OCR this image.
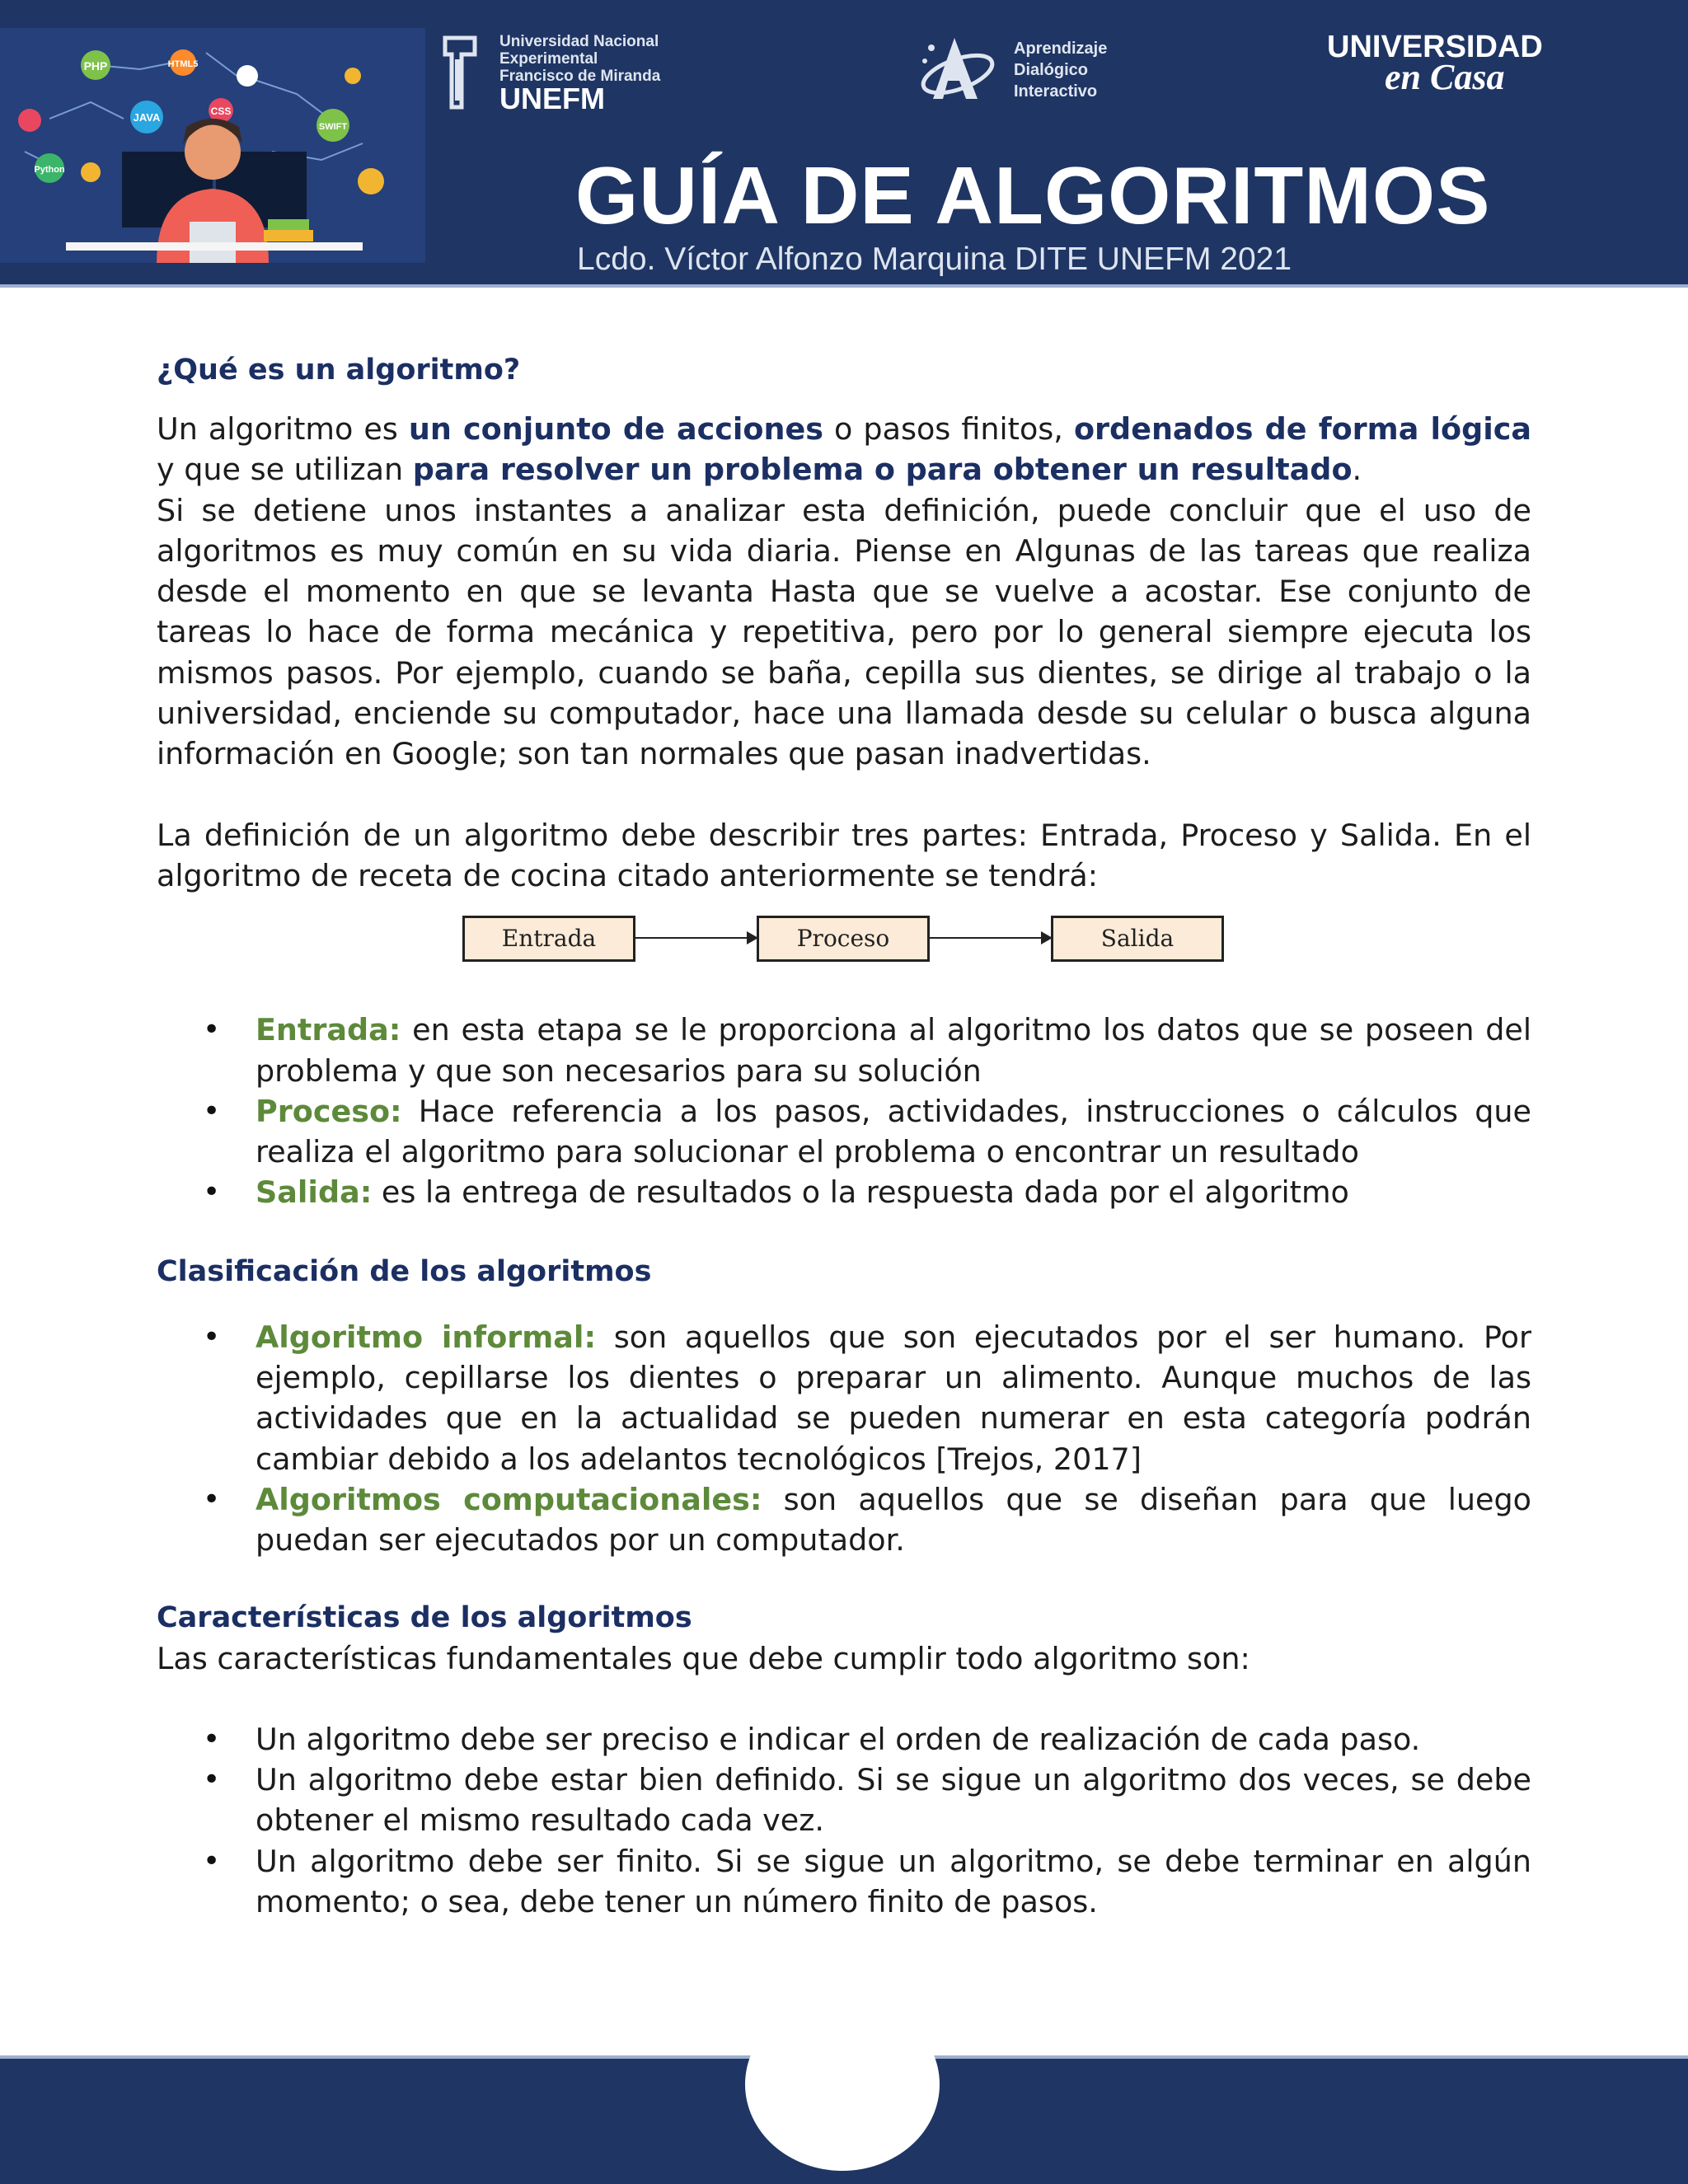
PHP	HTML5
JAVA	CSS
Python
SWIFT
Universidad Nacional
Experimental
Francisco de Miranda
UNEFM
Aprendizaje
Dialógico
Interactivo
UNIVERSIDAD
en Casa
GUÍA DE ALGORITMOS
Lcdo. Víctor Alfonzo Marquina DITE UNEFM 2021
¿Qué es un algoritmo?

Un algoritmo es un conjunto de acciones o pasos finitos, ordenados de forma lógica y que se utilizan para resolver un problema o para obtener un resultado.

Si se detiene unos instantes a analizar esta definición, puede concluir que el uso de algoritmos es muy común en su vida diaria. Piense en Algunas de las tareas que realiza desde el momento en que se levanta Hasta que se vuelve a acostar. Ese conjunto de tareas lo hace de forma mecánica y repetitiva, pero por lo general siempre ejecuta los mismos pasos. Por ejemplo, cuando se baña, cepilla sus dientes, se dirige al trabajo o la universidad, enciende su computador, hace una llamada desde su celular o busca alguna información en Google; son tan normales que pasan inadvertidas.

La definición de un algoritmo debe describir tres partes: Entrada, Proceso y Salida. En el algoritmo de receta de cocina citado anteriormente se tendrá:

Entrada	Proceso	Salida
• Entrada: en esta etapa se le proporciona al algoritmo los datos que se poseen del problema y que son necesarios para su solución
• Proceso: Hace referencia a los pasos, actividades, instrucciones o cálculos que realiza el algoritmo para solucionar el problema o encontrar un resultado
• Salida: es la entrega de resultados o la respuesta dada por el algoritmo
Clasificación de los algoritmos
• Algoritmo informal: son aquellos que son ejecutados por el ser humano. Por ejemplo, cepillarse los dientes o preparar un alimento. Aunque muchos de las actividades que en la actualidad se pueden numerar en esta categoría podrán cambiar debido a los adelantos tecnológicos [Trejos, 2017]
• Algoritmos computacionales: son aquellos que se diseñan para que luego puedan ser ejecutados por un computador.
Características de los algoritmos

Las características fundamentales que debe cumplir todo algoritmo son:

• Un algoritmo debe ser preciso e indicar el orden de realización de cada paso.
• Un algoritmo debe estar bien definido. Si se sigue un algoritmo dos veces, se debe obtener el mismo resultado cada vez.
• Un algoritmo debe ser finito. Si se sigue un algoritmo, se debe terminar en algún momento; o sea, debe tener un número finito de pasos.
